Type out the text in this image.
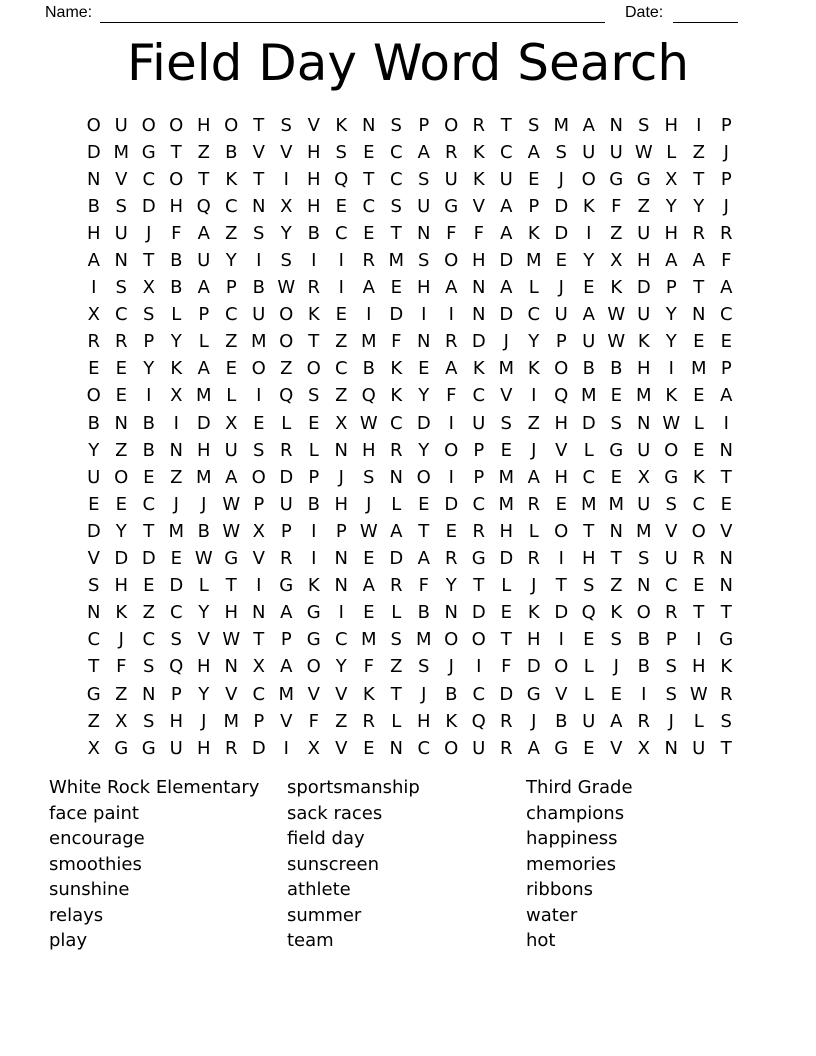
Name:	Date:
Field Day Word Search
O U O O H O T S V K N S P O R T S M A N S H	I	P
D M G T Z B V V H S E C A R K C A S U U W L Z	J
N V C O T K T	I	H Q T C S U K U E	J O G G X T P
B S D H Q C N X H E C S U G V A P D K F Z Y Y	J
H U	J	F A Z S Y B C E T N F F A K D I	Z U H R R
A N T B U Y	I	S	I	I	R M S O H D M E Y X H A A F
I	S X B A P B W R	I	A E H A N A L	J	E K D P T A
X C S L P C U O K E	I D I	I	N D C U A W U Y N C
R R P Y L Z M O T Z M F N R D J	Y P U W K Y E E
E E Y K A E O Z O C B K E A K M K O B B H	I M P
O E	I	X M L	I Q S Z Q K Y F C V	I Q M E M K E A
B N B	I D X E L E X W C D I	U S Z H D S N W L	I
Y Z B N H U S R L N H R Y O P E	J	V L G U O E N
U O E Z M A O D P	J	S N O I	P M A H C E X G K T
E E C	J	J W P U B H	J	L E D C M R E M M U S C E
D Y T M B W X P	I	P W A T E R H L O T N M V O V
V D D E W G V R	I	N E D A R G D R	I	H T S U R N
S H E D L T	I G K N A R F Y T L	J	T S Z N C E N
N K Z C Y H N A G I	E L B N D E K D Q K O R T T
C	J	C S V W T P G C M S M O O T H	I	E S B P	I G
T F S Q H N X A O Y F Z S	J	I	F D O L	J	B S H K
G Z N P Y V C M V V K T	J	B C D G V L E	I	S W R
Z X S H	J M P V F Z R L H K Q R	J	B U A R	J	L S
X G G U H R D I	X V E N C O U R A G E V X N U T
White Rock Elementary
face paint
encourage
smoothies
sunshine
relays
play
sportsmanship
sack races
field day
sunscreen
athlete
summer
team
Third Grade
champions
happiness
memories
ribbons
water
hot
